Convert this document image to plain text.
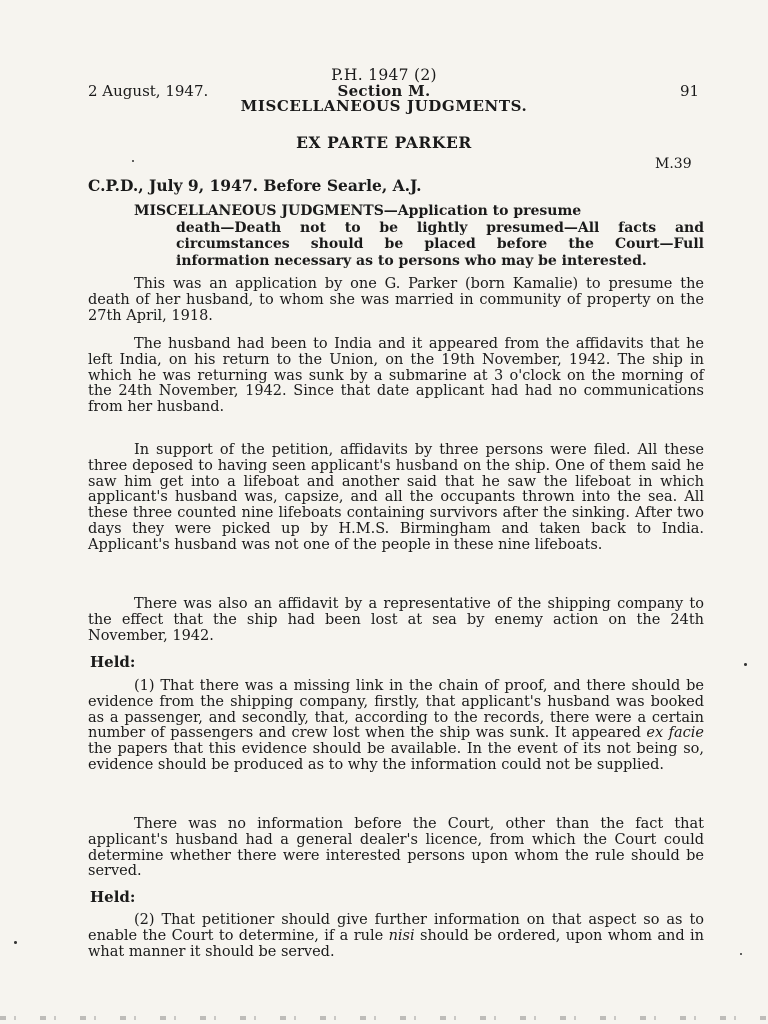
P.H. 1947 (2)
2 August, 1947.	Section M.	91
MISCELLANEOUS JUDGMENTS.
EX PARTE PARKER
M.39
C.P.D., July 9, 1947. Before Searle, A.J.
MISCELLANEOUS JUDGMENTS—Application to presume
death—Death not to be lightly presumed—All facts and circumstances should be placed before the Court—Full information necessary as to persons who may be interested.

This was an application by one G. Parker (born Kamalie) to presume the death of her husband, to whom she was married in community of property on the 27th April, 1918.

The husband had been to India and it appeared from the affidavits that he left India, on his return to the Union, on the 19th November, 1942. The ship in which he was returning was sunk by a submarine at 3 o'clock on the morning of the 24th November, 1942. Since that date applicant had had no communications from her husband.

In support of the petition, affidavits by three persons were filed. All these three deposed to having seen applicant's husband on the ship. One of them said he saw him get into a lifeboat and another said that he saw the lifeboat in which applicant's husband was, capsize, and all the occupants thrown into the sea. All these three counted nine lifeboats containing survivors after the sinking. After two days they were picked up by H.M.S. Birmingham and taken back to India. Applicant's husband was not one of the people in these nine lifeboats.

There was also an affidavit by a representative of the shipping company to the effect that the ship had been lost at sea by enemy action on the 24th November, 1942.

Held:

(1) That there was a missing link in the chain of proof, and there should be evidence from the shipping company, firstly, that applicant's husband was booked as a passenger, and secondly, that, according to the records, there were a certain number of passengers and crew lost when the ship was sunk. It appeared ex facie the papers that this evidence should be available. In the event of its not being so, evidence should be produced as to why the information could not be supplied.

There was no information before the Court, other than the fact that applicant's husband had a general dealer's licence, from which the Court could determine whether there were interested persons upon whom the rule should be served.

Held:

(2) That petitioner should give further information on that aspect so as to enable the Court to determine, if a rule nisi should be ordered, upon whom and in what manner it should be served.
